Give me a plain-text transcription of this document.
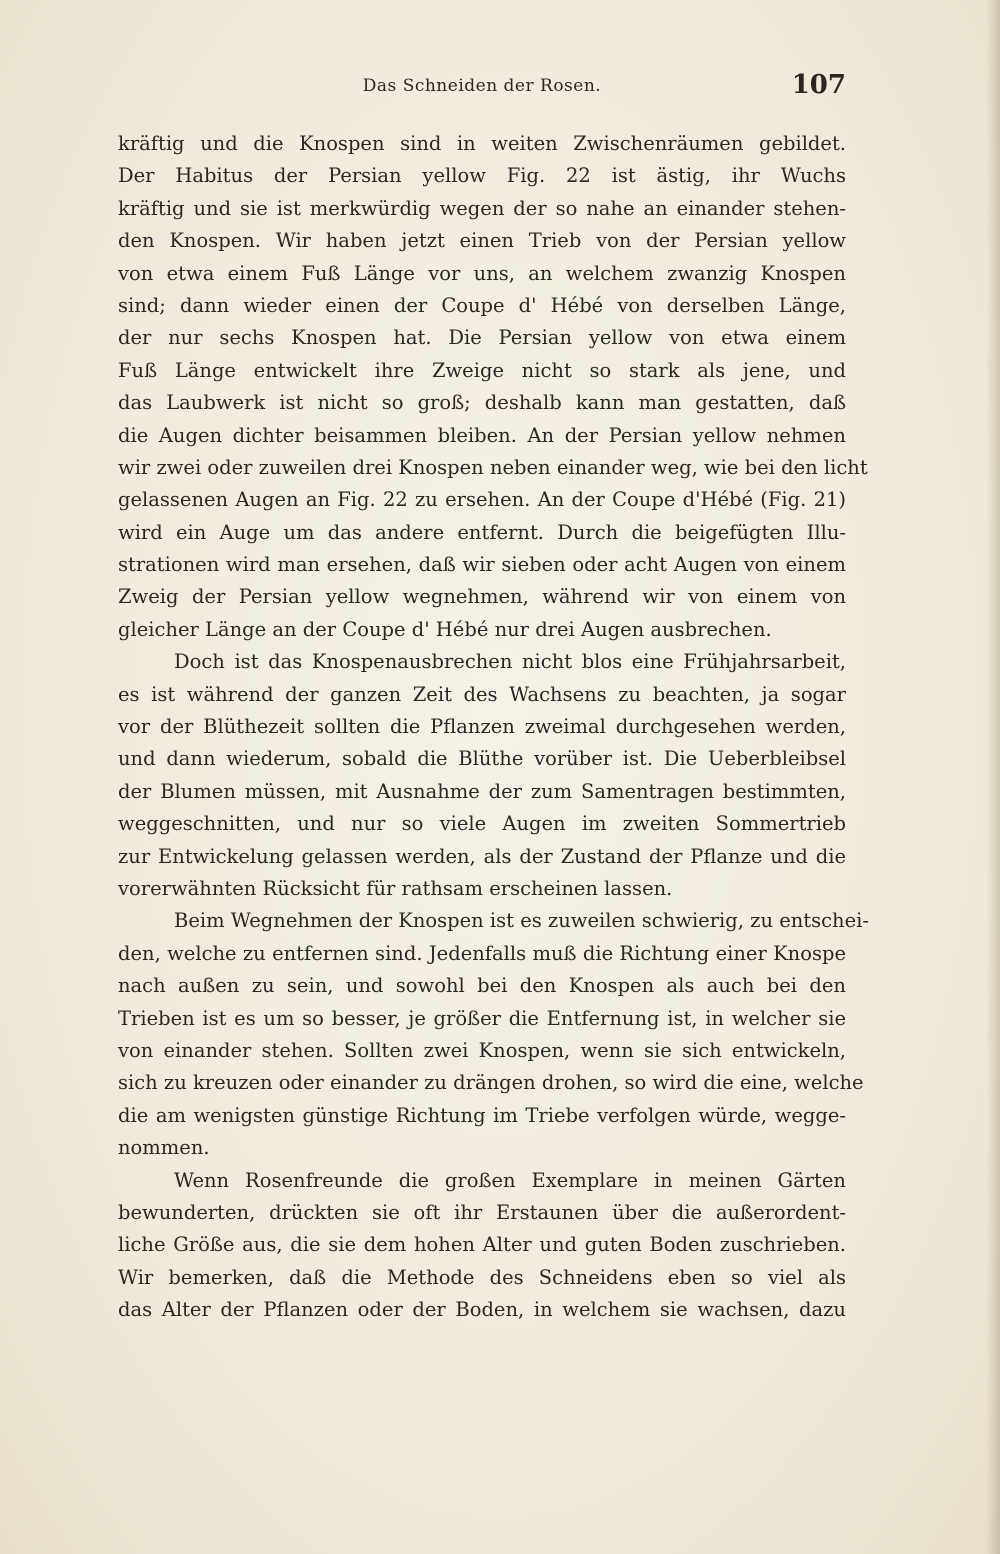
Das Schneiden der Rosen.	107
kräftig und die Knospen sind in weiten Zwischenräumen gebildet.
Der Habitus der Persian yellow Fig. 22 ist ästig, ihr Wuchs
kräftig und sie ist merkwürdig wegen der so nahe an einander stehen-
den Knospen. Wir haben jetzt einen Trieb von der Persian yellow
von etwa einem Fuß Länge vor uns, an welchem zwanzig Knospen
sind; dann wieder einen der Coupe d' Hébé von derselben Länge,
der nur sechs Knospen hat. Die Persian yellow von etwa einem
Fuß Länge entwickelt ihre Zweige nicht so stark als jene, und
das Laubwerk ist nicht so groß; deshalb kann man gestatten, daß
die Augen dichter beisammen bleiben. An der Persian yellow nehmen
wir zwei oder zuweilen drei Knospen neben einander weg, wie bei den licht
gelassenen Augen an Fig. 22 zu ersehen. An der Coupe d'Hébé (Fig. 21)
wird ein Auge um das andere entfernt. Durch die beigefügten Illu-
strationen wird man ersehen, daß wir sieben oder acht Augen von einem
Zweig der Persian yellow wegnehmen, während wir von einem von
gleicher Länge an der Coupe d' Hébé nur drei Augen ausbrechen.
Doch ist das Knospenausbrechen nicht blos eine Frühjahrsarbeit,
es ist während der ganzen Zeit des Wachsens zu beachten, ja sogar
vor der Blüthezeit sollten die Pflanzen zweimal durchgesehen werden,
und dann wiederum, sobald die Blüthe vorüber ist. Die Ueberbleibsel
der Blumen müssen, mit Ausnahme der zum Samentragen bestimmten,
weggeschnitten, und nur so viele Augen im zweiten Sommertrieb
zur Entwickelung gelassen werden, als der Zustand der Pflanze und die
vorerwähnten Rücksicht für rathsam erscheinen lassen.
Beim Wegnehmen der Knospen ist es zuweilen schwierig, zu entschei-
den, welche zu entfernen sind. Jedenfalls muß die Richtung einer Knospe
nach außen zu sein, und sowohl bei den Knospen als auch bei den
Trieben ist es um so besser, je größer die Entfernung ist, in welcher sie
von einander stehen. Sollten zwei Knospen, wenn sie sich entwickeln,
sich zu kreuzen oder einander zu drängen drohen, so wird die eine, welche
die am wenigsten günstige Richtung im Triebe verfolgen würde, wegge-
nommen.
Wenn Rosenfreunde die großen Exemplare in meinen Gärten
bewunderten, drückten sie oft ihr Erstaunen über die außerordent-
liche Größe aus, die sie dem hohen Alter und guten Boden zuschrieben.
Wir bemerken, daß die Methode des Schneidens eben so viel als
das Alter der Pflanzen oder der Boden, in welchem sie wachsen, dazu
